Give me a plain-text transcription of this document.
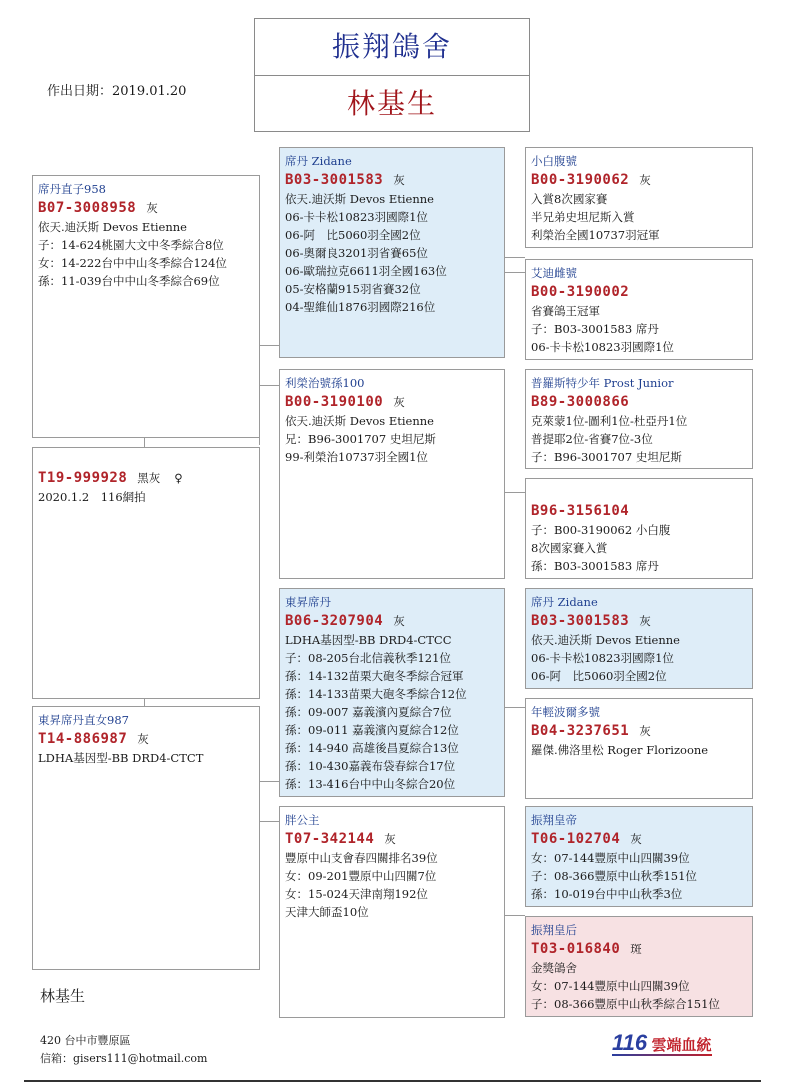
振翔鴿舍
林基生
作出日期：2019.01.20
席丹直子958
B07-3008958 灰
依天.迪沃斯 Devos Etienne
子：14-624桃園大文中冬季綜合8位
女：14-222台中中山冬季綜合124位
孫：11-039台中中山冬季綜合69位
T19-999928 黑灰 ♀
2020.1.2　116網拍
東昇席丹直女987
T14-886987 灰
LDHA基因型-BB DRD4-CTCT
席丹 Zidane
B03-3001583 灰
依天.迪沃斯 Devos Etienne
06-卡卡松10823羽國際1位
06-阿　比5060羽全國2位
06-奧爾良3201羽省賽65位
06-歐瑞拉克6611羽全國163位
05-安格蘭915羽省賽32位
04-聖維仙1876羽國際216位
利榮治號孫100
B00-3190100 灰
依天.迪沃斯 Devos Etienne
兄：B96-3001707 史坦尼斯
99-利榮治10737羽全國1位
東昇席丹
B06-3207904 灰
LDHA基因型-BB DRD4-CTCC
子：08-205台北信義秋季121位
孫：14-132苗栗大砲冬季綜合冠軍
孫：14-133苗栗大砲冬季綜合12位
孫：09-007 嘉義濱內夏綜合7位
孫：09-011 嘉義濱內夏綜合12位
孫：14-940 高雄後昌夏綜合13位
孫：10-430嘉義布袋春綜合17位
孫：13-416台中中山冬綜合20位
胖公主
T07-342144 灰
豐原中山支會春四關排名39位
女：09-201豐原中山四關7位
女：15-024天津南翔192位
天津大師盃10位
小白腹號
B00-3190062 灰
入賞8次國家賽
半兄弟史坦尼斯入賞
利榮治全國10737羽冠軍
艾迪雌號
B00-3190002
省賽鴿王冠軍
子：B03-3001583 席丹
06-卡卡松10823羽國際1位
普羅斯特少年 Prost Junior
B89-3000866
克萊蒙1位-圖利1位-杜亞丹1位
普提耶2位-省賽7位-3位
子：B96-3001707 史坦尼斯
B96-3156104
子：B00-3190062 小白腹
8次國家賽入賞
孫：B03-3001583 席丹
席丹 Zidane
B03-3001583 灰
依天.迪沃斯 Devos Etienne
06-卡卡松10823羽國際1位
06-阿　比5060羽全國2位
年輕波爾多號
B04-3237651 灰
羅傑.佛洛里松 Roger Florizoone
振翔皇帝
T06-102704 灰
女：07-144豐原中山四關39位
子：08-366豐原中山秋季151位
孫：10-019台中中山秋季3位
振翔皇后
T03-016840 斑
金獎鴿舍
女：07-144豐原中山四關39位
子：08-366豐原中山秋季綜合151位
林基生
420 台中市豐原區
信箱：gisers111@hotmail.com
116 雲端血統
